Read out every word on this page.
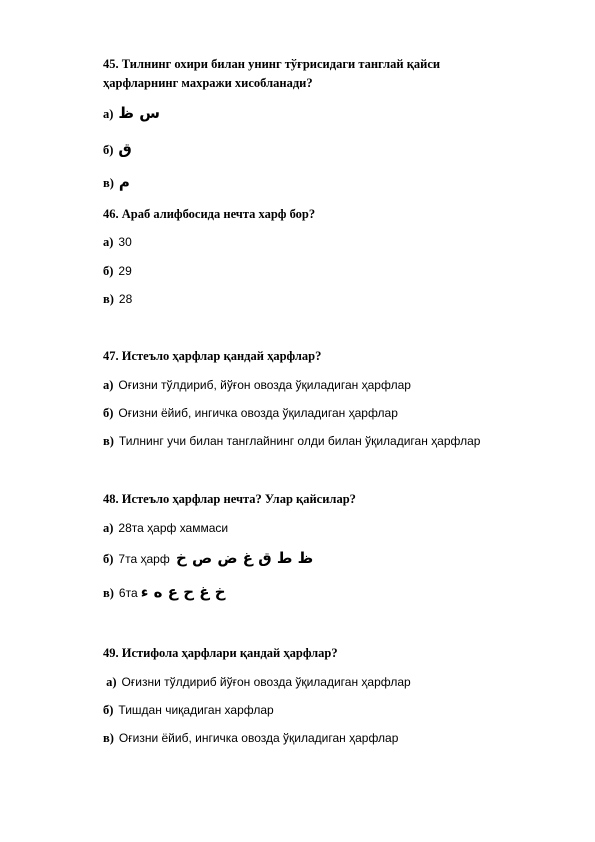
45. Тилнинг охири билан унинг тўғрисидаги танглай қайси
ҳарфларнинг махражи хисобланади?
а) س ظ
б) ق
в) م
46. Араб алифбосида нечта харф бор?
а) 30
б) 29
в) 28
47. Истеъло ҳарфлар қандай ҳарфлар?
а) Оғизни тўлдириб, йўғон овозда ўқиладиган ҳарфлар
б) Оғизни ёйиб, ингичка овозда ўқиладиган ҳарфлар
в) Тилнинг учи билан танглайнинг олди билан ўқиладиган ҳарфлар
48. Истеъло ҳарфлар нечта? Улар қайсилар?
а) 28та ҳарф хаммаси
б) 7та ҳарф ظ ط ق غ ض ص خ
в) 6та خ غ ح ع ه ء
49. Истифола ҳарфлари қандай ҳарфлар?
а) Оғизни тўлдириб йўғон овозда ўқиладиган ҳарфлар
б) Тишдан чиқадиган харфлар
в) Оғизни ёйиб, ингичка овозда ўқиладиган ҳарфлар
